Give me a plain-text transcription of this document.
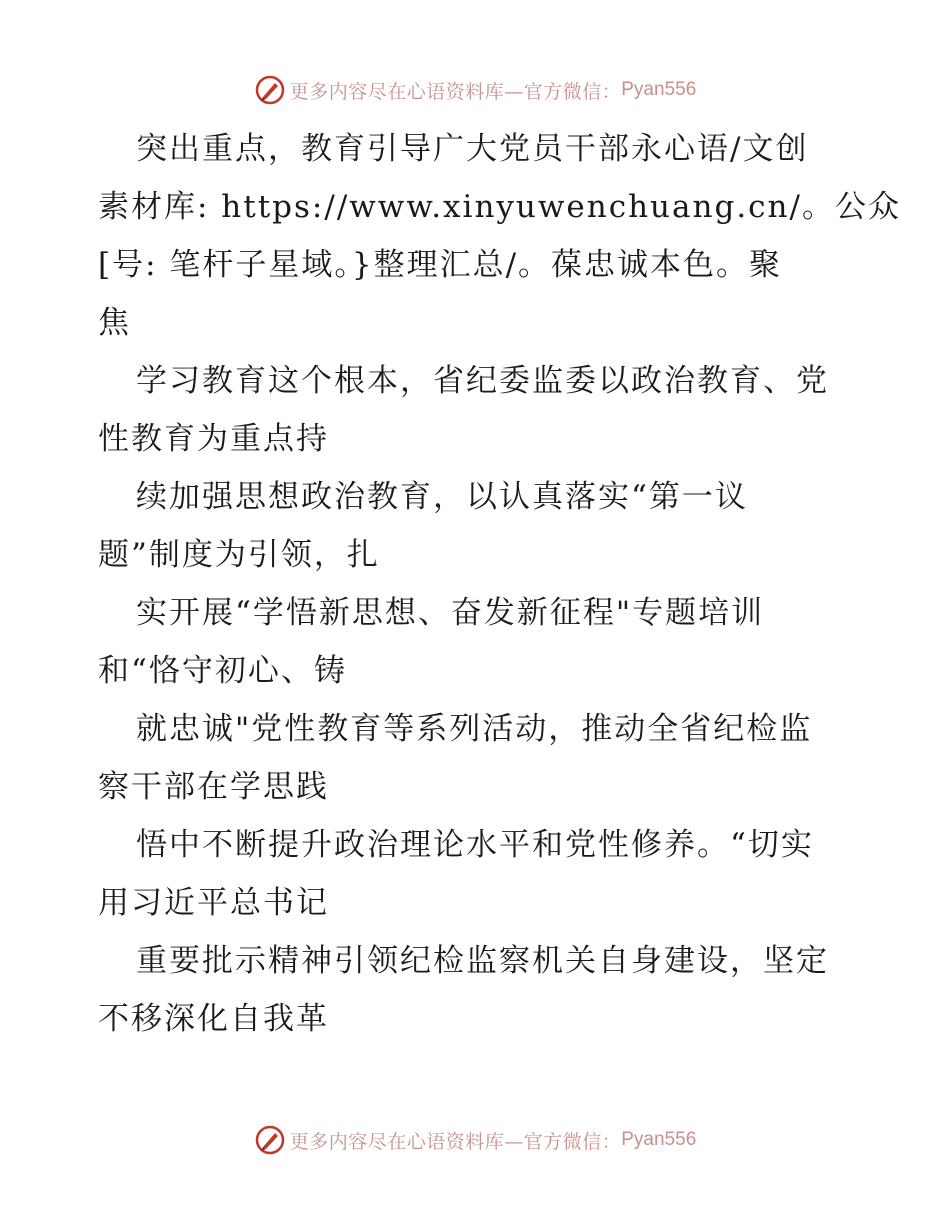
更多内容尽在心语资料库—官方微信： Pyan556
突出重点，教育引导广大党员干部永心语/文创
素材库: https://www.xinyuwenchuang.cn/。公众
[号: 笔杆子星域。}整理汇总/。葆忠诚本色。聚
焦
学习教育这个根本，省纪委监委以政治教育、党
性教育为重点持
续加强思想政治教育，以认真落实“第一议
题”制度为引领，扎
实开展“学悟新思想、奋发新征程"专题培训
和“恪守初心、铸
就忠诚"党性教育等系列活动，推动全省纪检监
察干部在学思践
悟中不断提升政治理论水平和党性修养。“切实
用习近平总书记
重要批示精神引领纪检监察机关自身建设，坚定
不移深化自我革
更多内容尽在心语资料库—官方微信： Pyan556
